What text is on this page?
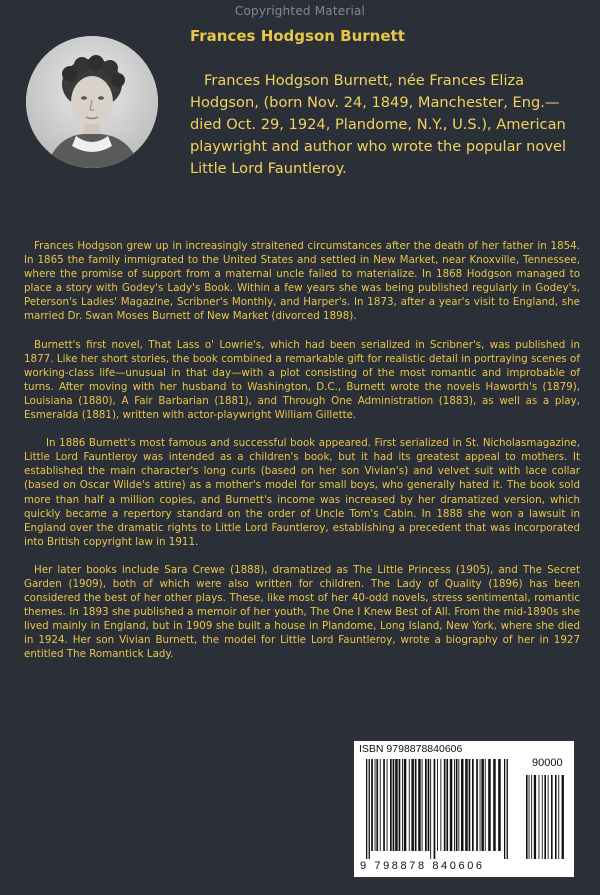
Copyrighted Material
Frances Hodgson Burnett

Frances Hodgson Burnett, née Frances Eliza Hodgson, (born Nov. 24, 1849, Manchester, Eng.—died Oct. 29, 1924, Plandome, N.Y., U.S.), American playwright and author who wrote the popular novel Little Lord Fauntleroy.

Frances Hodgson grew up in increasingly straitened circumstances after the death of her father in 1854. In 1865 the family immigrated to the United States and settled in New Market, near Knoxville, Tennessee, where the promise of support from a maternal uncle failed to materialize. In 1868 Hodgson managed to place a story with Godey's Lady's Book. Within a few years she was being published regularly in Godey's, Peterson's Ladies' Magazine, Scribner's Monthly, and Harper's. In 1873, after a year's visit to England, she married Dr. Swan Moses Burnett of New Market (divorced 1898).

Burnett's first novel, That Lass o' Lowrie's, which had been serialized in Scribner's, was published in 1877. Like her short stories, the book combined a remarkable gift for realistic detail in portraying scenes of working-class life—unusual in that day—with a plot consisting of the most romantic and improbable of turns. After moving with her husband to Washington, D.C., Burnett wrote the novels Haworth's (1879), Louisiana (1880), A Fair Barbarian (1881), and Through One Administration (1883), as well as a play, Esmeralda (1881), written with actor-playwright William Gillette.

In 1886 Burnett's most famous and successful book appeared. First serialized in St. Nicholasmagazine, Little Lord Fauntleroy was intended as a children's book, but it had its greatest appeal to mothers. It established the main character's long curls (based on her son Vivian's) and velvet suit with lace collar (based on Oscar Wilde's attire) as a mother's model for small boys, who generally hated it. The book sold more than half a million copies, and Burnett's income was increased by her dramatized version, which quickly became a repertory standard on the order of Uncle Tom's Cabin. In 1888 she won a lawsuit in England over the dramatic rights to Little Lord Fauntleroy, establishing a precedent that was incorporated into British copyright law in 1911.

Her later books include Sara Crewe (1888), dramatized as The Little Princess (1905), and The Secret Garden (1909), both of which were also written for children. The Lady of Quality (1896) has been considered the best of her other plays. These, like most of her 40-odd novels, stress sentimental, romantic themes. In 1893 she published a memoir of her youth, The One I Knew Best of All. From the mid-1890s she lived mainly in England, but in 1909 she built a house in Plandome, Long Island, New York, where she died in 1924. Her son Vivian Burnett, the model for Little Lord Fauntleroy, wrote a biography of her in 1927 entitled The Romantick Lady.

ISBN 9798878840606
90000
9 798878 840606
